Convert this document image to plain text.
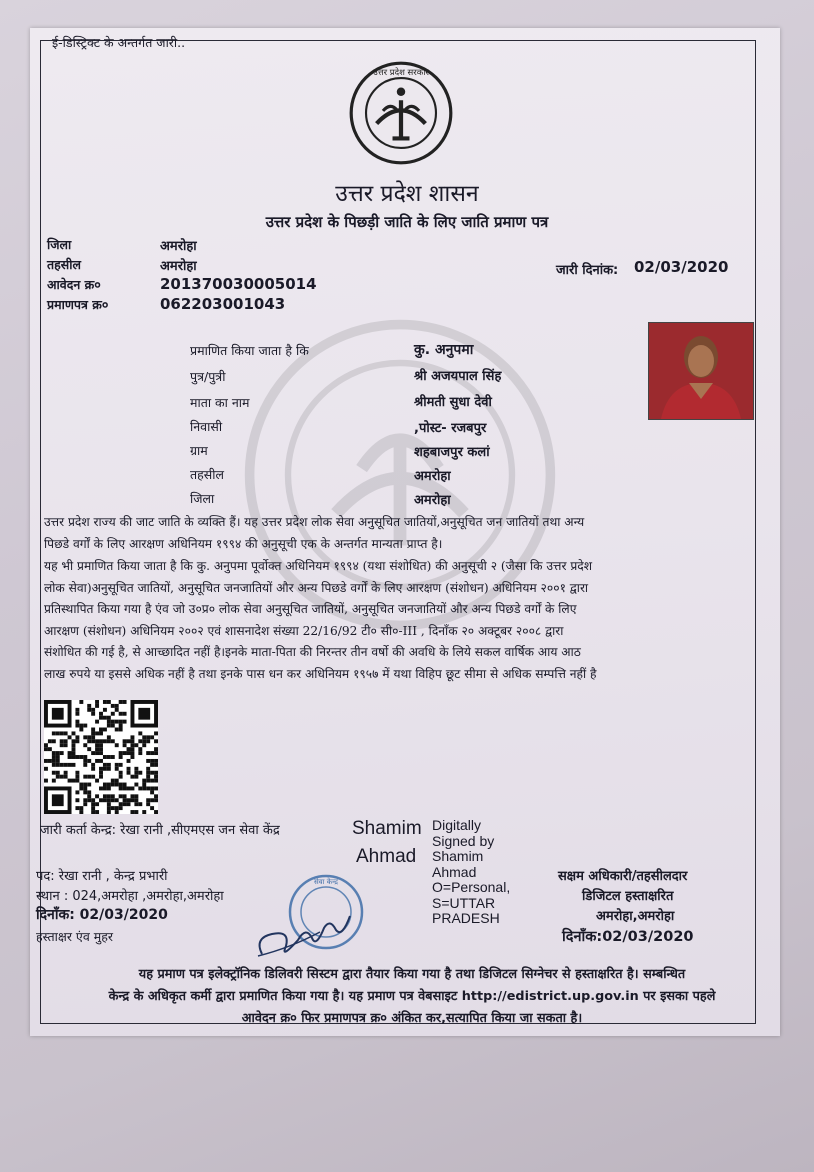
ई-डिस्ट्रिक्ट के अन्तर्गत जारी..
उत्तर प्रदेश सरकार
उत्तर प्रदेश शासन
उत्तर प्रदेश के पिछड़ी जाति के लिए जाति प्रमाण पत्र
जिला	अमरोहा
तहसील	अमरोहा
आवेदन क्र०	201370030005014
प्रमाणपत्र क्र०	062203001043
जारी दिनांक: 02/03/2020
प्रमाणित किया जाता है कि	कु. अनुपमा
पुत्र/पुत्री	श्री अजयपाल सिंह
माता का नाम	श्रीमती सुधा देवी
निवासी	,पोस्ट- रजबपुर
ग्राम	शहबाजपुर कलां
तहसील	अमरोहा
जिला	अमरोहा
उत्तर प्रदेश राज्य की जाट जाति के व्यक्ति हैं। यह उत्तर प्रदेश लोक सेवा अनुसूचित जातियों,अनुसूचित जन जातियों तथा अन्य
पिछडे वर्गों के लिए आरक्षण अधिनियम १९९४ की अनुसूची एक के अन्तर्गत मान्यता प्राप्त है।
यह भी प्रमाणित किया जाता है कि कु. अनुपमा पूर्वोक्त अधिनियम १९९४ (यथा संशोधित) की अनुसूची २ (जैसा कि उत्तर प्रदेश
लोक सेवा)अनुसूचित जातियों, अनुसूचित जनजातियों और अन्य पिछडे वर्गों के लिए आरक्षण (संशोधन) अधिनियम २००१ द्वारा
प्रतिस्थापित किया गया है एंव जो उ०प्र० लोक सेवा अनुसूचित जातियों, अनुसूचित जनजातियों और अन्य पिछडे वर्गों के लिए
आरक्षण (संशोधन) अधिनियम २००२ एवं शासनादेश संख्या 22/16/92 टी० सी०-III , दिनाँक २० अक्टूबर २००८ द्वारा
संशोधित की गई है, से आच्छादित नहीं है।इनके माता-पिता की निरन्तर तीन वर्षो की अवधि के लिये सकल वार्षिक आय आठ
लाख रुपये या इससे अधिक नहीं है तथा इनके पास धन कर अधिनियम १९५७ में यथा विहिप छूट सीमा से अधिक सम्पत्ति नहीं है
जारी कर्ता केन्द्र: रेखा रानी ,सीएमएस जन सेवा केंद्र	Shamim
Ahmad
Digitally
Signed by
Shamim
Ahmad
O=Personal,
S=UTTAR
PRADESH
पद: रेखा रानी , केन्द्र प्रभारी
स्थान : 024,अमरोहा ,अमरोहा,अमरोहा
दिनाँक: 02/03/2020
हस्ताक्षर एंव मुहर
सेवा केन्द्र	सक्षम अधिकारी/तहसीलदार
डिजिटल हस्ताक्षरित
अमरोहा,अमरोहा
दिनाँक:02/03/2020
यह प्रमाण पत्र इलेक्ट्रॉनिक डिलिवरी सिस्टम द्वारा तैयार किया गया है तथा डिजिटल सिग्नेचर से हस्ताक्षरित है। सम्बन्धित
केन्द्र के अधिकृत कर्मी द्वारा प्रमाणित किया गया है। यह प्रमाण पत्र वेबसाइट http://edistrict.up.gov.in पर इसका पहले
आवेदन क्र० फिर प्रमाणपत्र क्र० अंकित कर,सत्यापित किया जा सकता है।
